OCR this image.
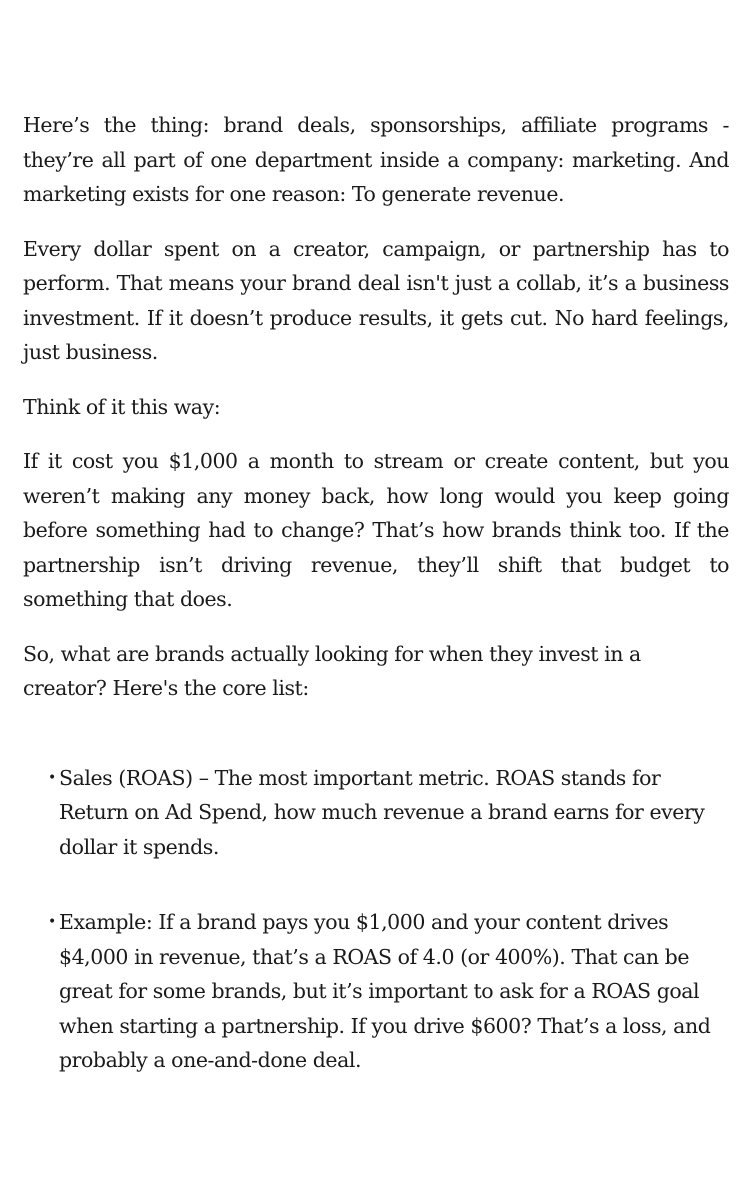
Here’s the thing: brand deals, sponsorships, affiliate programs - they’re all part of one department inside a company: marketing. And marketing exists for one reason: To generate revenue.

Every dollar spent on a creator, campaign, or partnership has to perform. That means your brand deal isn't just a collab, it’s a business investment. If it doesn’t produce results, it gets cut. No hard feelings, just business.

Think of it this way:

If it cost you $1,000 a month to stream or create content, but you weren’t making any money back, how long would you keep going before something had to change? That’s how brands think too. If the partnership isn’t driving revenue, they’ll shift that budget to something that does.

So, what are brands actually looking for when they invest in a creator? Here's the core list:

• Sales (ROAS) – The most important metric. ROAS stands for Return on Ad Spend, how much revenue a brand earns for every dollar it spends.
• Example: If a brand pays you $1,000 and your content drives $4,000 in revenue, that’s a ROAS of 4.0 (or 400%). That can be great for some brands, but it’s important to ask for a ROAS goal when starting a partnership. If you drive $600? That’s a loss, and probably a one-and-done deal.
